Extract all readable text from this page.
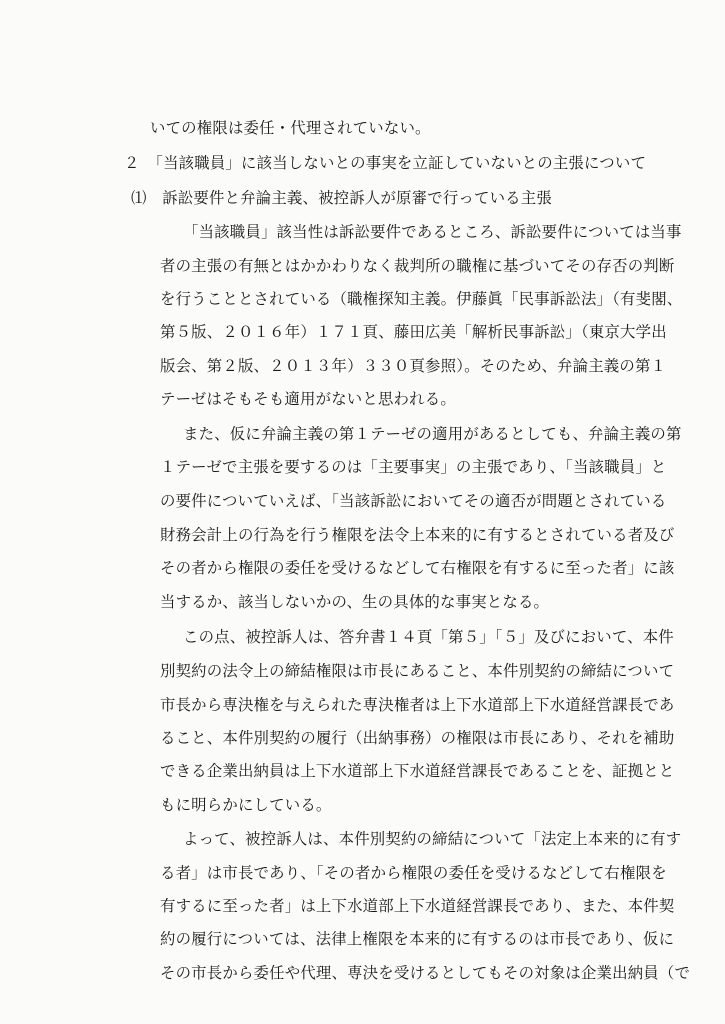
いての権限は委任・代理されていない。
２　「当該職員」に該当しないとの事実を立証していないとの主張について
⑴　訴訟要件と弁論主義、被控訴人が原審で行っている主張
「当該職員」該当性は訴訟要件であるところ、訴訟要件については当事
者の主張の有無とはかかわりなく裁判所の職権に基づいてその存否の判断
を行うこととされている（職権探知主義。伊藤眞「民事訴訟法」（有斐閣、
第５版、２０１６年）１７１頁、藤田広美「解析民事訴訟」（東京大学出
版会、第２版、２０１３年）３３０頁参照）。そのため、弁論主義の第１
テーゼはそもそも適用がないと思われる。
また、仮に弁論主義の第１テーゼの適用があるとしても、弁論主義の第
１テーゼで主張を要するのは「主要事実」の主張であり、「当該職員」と
の要件についていえば、「当該訴訟においてその適否が問題とされている
財務会計上の行為を行う権限を法令上本来的に有するとされている者及び
その者から権限の委任を受けるなどして右権限を有するに至った者」に該
当するか、該当しないかの、生の具体的な事実となる。
この点、被控訴人は、答弁書１４頁「第５」「５」及びにおいて、本件
別契約の法令上の締結権限は市長にあること、本件別契約の締結について
市長から専決権を与えられた専決権者は上下水道部上下水道経営課長であ
ること、本件別契約の履行（出納事務）の権限は市長にあり、それを補助
できる企業出納員は上下水道部上下水道経営課長であることを、証拠とと
もに明らかにしている。
よって、被控訴人は、本件別契約の締結について「法定上本来的に有す
る者」は市長であり、「その者から権限の委任を受けるなどして右権限を
有するに至った者」は上下水道部上下水道経営課長であり、また、本件契
約の履行については、法律上権限を本来的に有するのは市長であり、仮に
その市長から委任や代理、専決を受けるとしてもその対象は企業出納員（で
